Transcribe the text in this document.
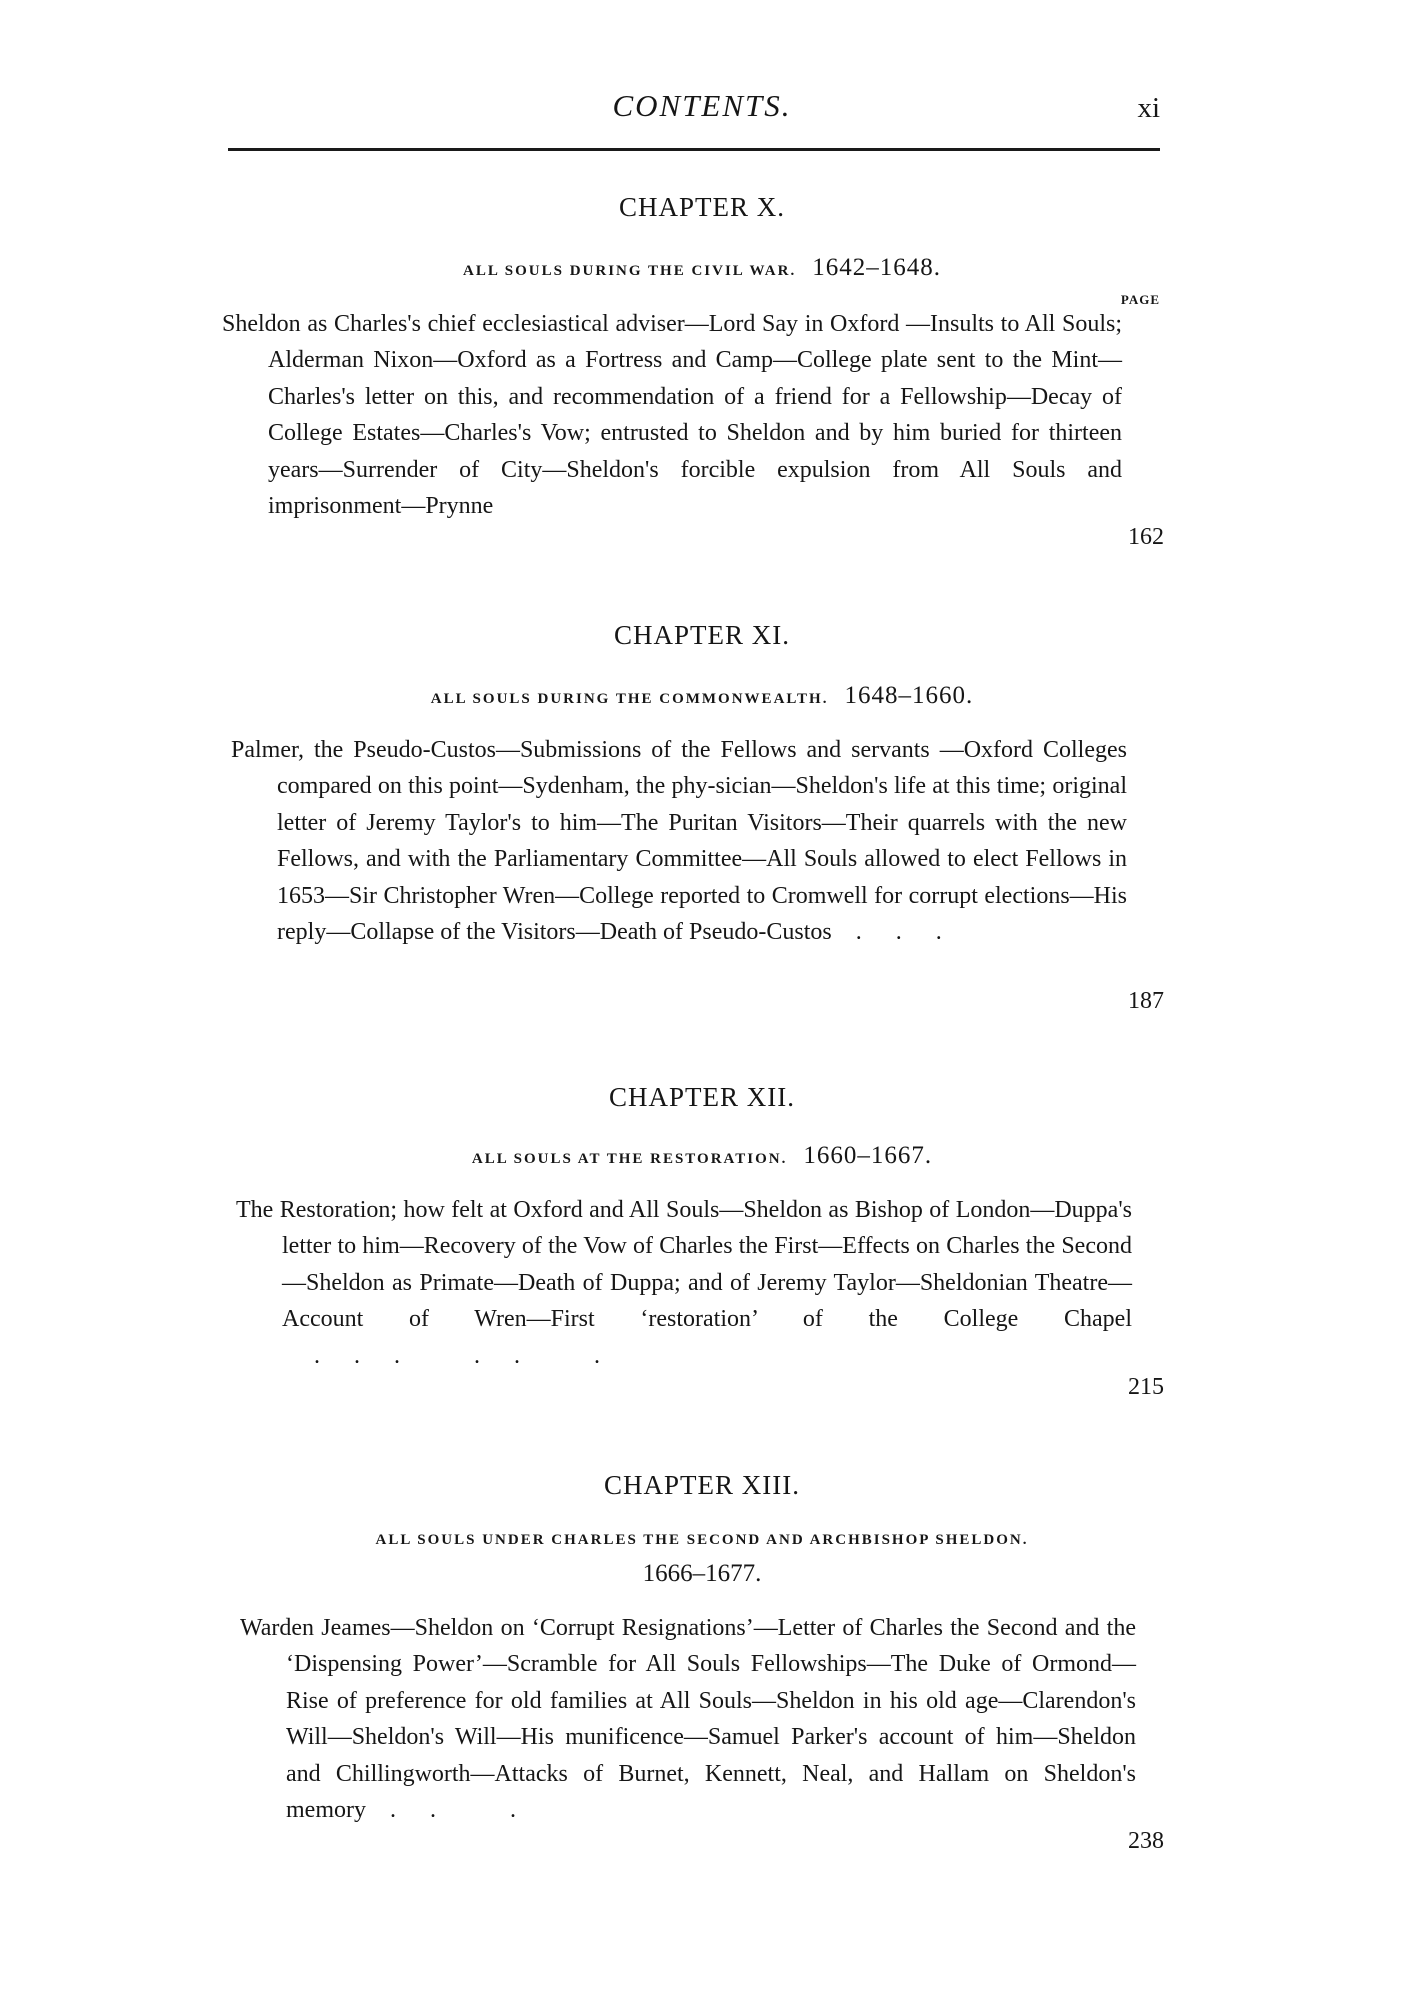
CONTENTS.	xi
PAGE
CHAPTER X.
ALL SOULS DURING THE CIVIL WAR. 1642–1648.
Sheldon as Charles's chief ecclesiastical adviser—Lord Say in Oxford —Insults to All Souls; Alderman Nixon—Oxford as a Fortress and Camp—College plate sent to the Mint—Charles's letter on this, and recommendation of a friend for a Fellowship—Decay of College Estates—Charles's Vow; entrusted to Sheldon and by him buried for thirteen years—Surrender of City—Sheldon's forcible expulsion from All Souls and imprisonment—Prynne
162
CHAPTER XI.
ALL SOULS DURING THE COMMONWEALTH. 1648–1660.
Palmer, the Pseudo-Custos—Submissions of the Fellows and servants —Oxford Colleges compared on this point—Sydenham, the phy-sician—Sheldon's life at this time; original letter of Jeremy Taylor's to him—The Puritan Visitors—Their quarrels with the new Fellows, and with the Parliamentary Committee—All Souls allowed to elect Fellows in 1653—Sir Christopher Wren—College reported to Cromwell for corrupt elections—His reply—Collapse of the Visitors—Death of Pseudo-Custos   .    .    .
187
CHAPTER XII.
ALL SOULS AT THE RESTORATION. 1660–1667.
The Restoration; how felt at Oxford and All Souls—Sheldon as Bishop of London—Duppa's letter to him—Recovery of the Vow of Charles the First—Effects on Charles the Second—Sheldon as Primate—Death of Duppa; and of Jeremy Taylor—Sheldonian Theatre—Account of Wren—First ‘restoration’ of the College Chapel    .    .    .         .    .         .
215
CHAPTER XIII.
ALL SOULS UNDER CHARLES THE SECOND AND ARCHBISHOP SHELDON.
1666–1677.
Warden Jeames—Sheldon on ‘Corrupt Resignations’—Letter of Charles the Second and the ‘Dispensing Power’—Scramble for All Souls Fellowships—The Duke of Ormond—Rise of preference for old families at All Souls—Sheldon in his old age—Clarendon's Will—Sheldon's Will—His munificence—Samuel Parker's account of him—Sheldon and Chillingworth—Attacks of Burnet, Kennett, Neal, and Hallam on Sheldon's memory   .    .         .
238
